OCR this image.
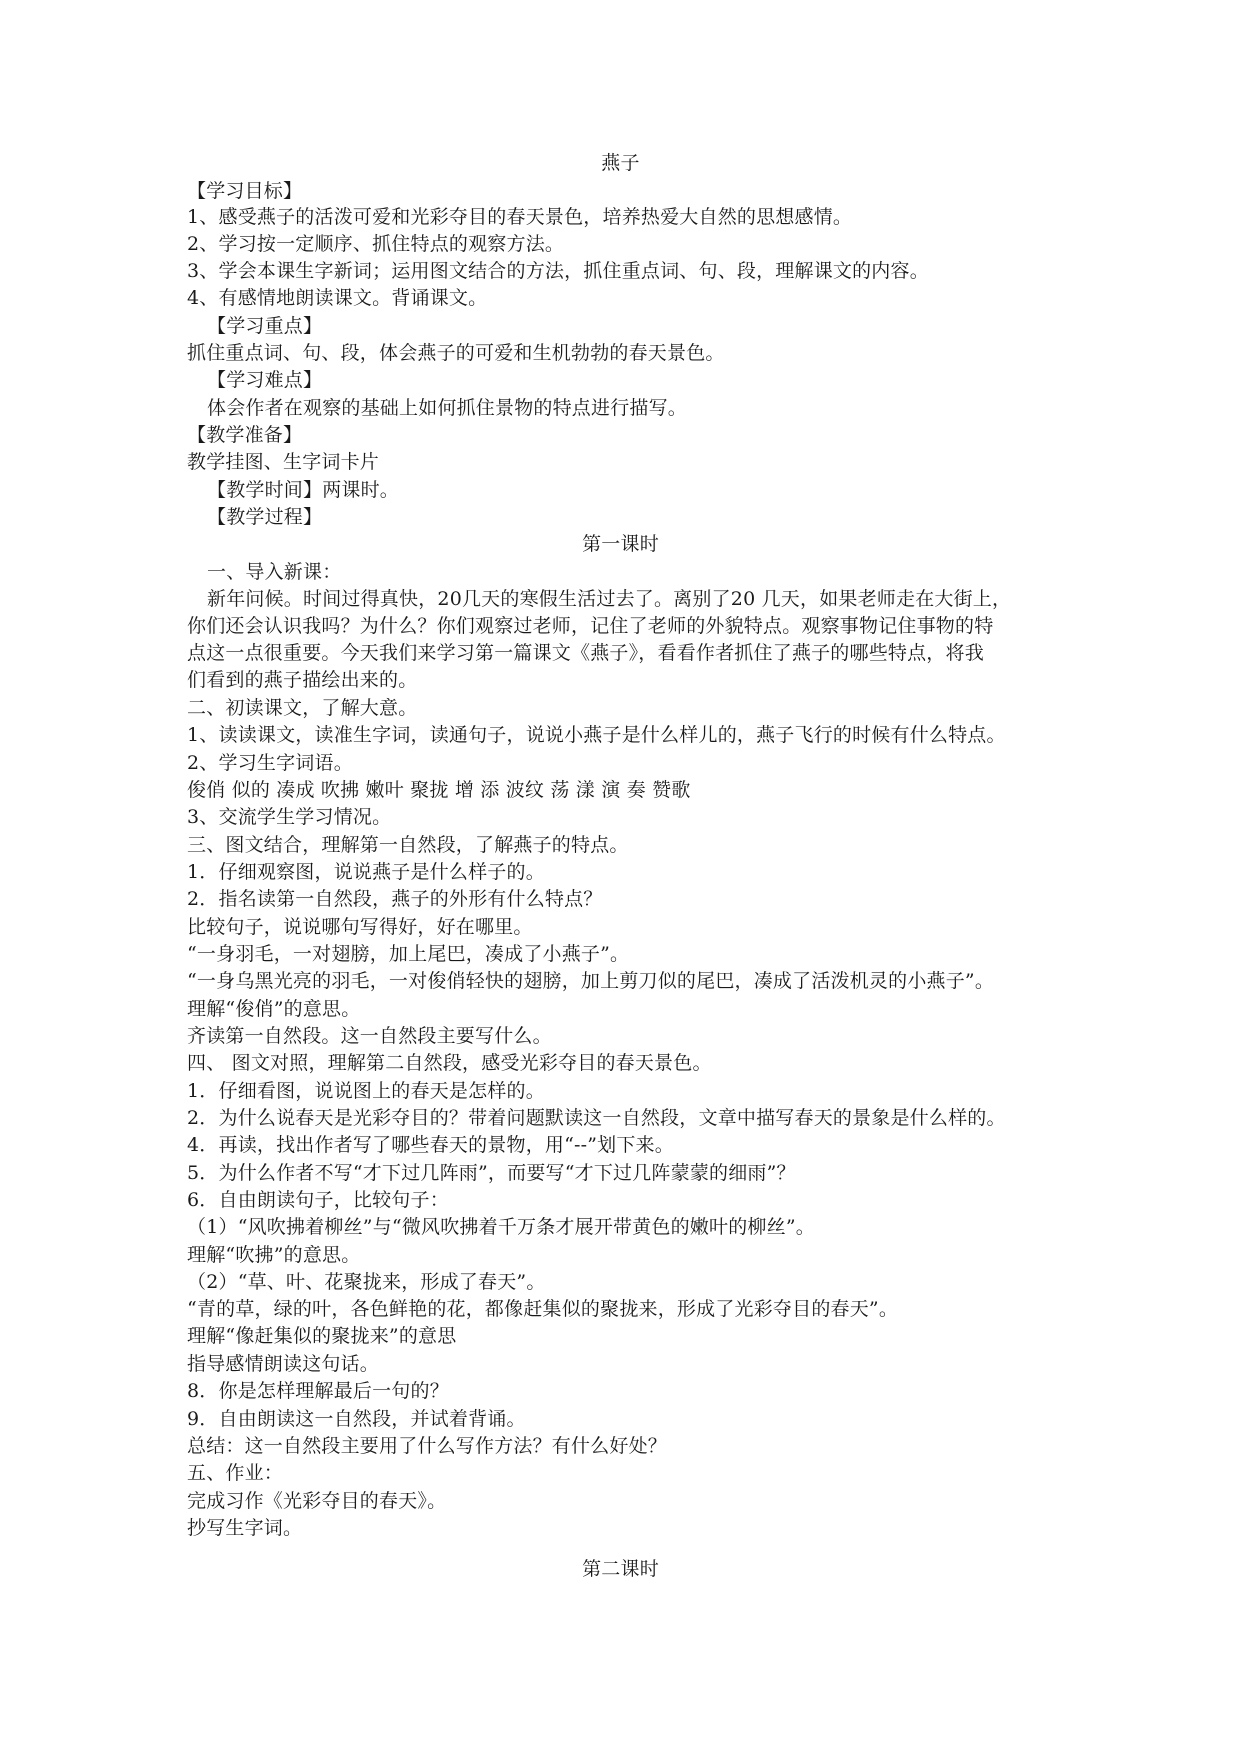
燕子
【学习目标】
1、感受燕子的活泼可爱和光彩夺目的春天景色，培养热爱大自然的思想感情。
2、学习按一定顺序、抓住特点的观察方法。
3、学会本课生字新词；运用图文结合的方法，抓住重点词、句、段，理解课文的内容。
4、有感情地朗读课文。背诵课文。
【学习重点】
抓住重点词、句、段，体会燕子的可爱和生机勃勃的春天景色。
【学习难点】
体会作者在观察的基础上如何抓住景物的特点进行描写。
【教学准备】
教学挂图、生字词卡片
【教学时间】两课时。
【教学过程】
第一课时
一、导入新课：
新年问候。时间过得真快，20几天的寒假生活过去了。离别了20 几天，如果老师走在大街上，
你们还会认识我吗？为什么？你们观察过老师，记住了老师的外貌特点。观察事物记住事物的特
点这一点很重要。今天我们来学习第一篇课文《燕子》，看看作者抓住了燕子的哪些特点，将我
们看到的燕子描绘出来的。
二、初读课文，了解大意。
1、读读课文，读准生字词，读通句子，说说小燕子是什么样儿的，燕子飞行的时候有什么特点。
2、学习生字词语。
俊俏 似的 凑成 吹拂 嫩叶 聚拢 增 添 波纹 荡 漾 演 奏 赞歌
3、交流学生学习情况。
三、图文结合，理解第一自然段，了解燕子的特点。
1．仔细观察图，说说燕子是什么样子的。
2．指名读第一自然段，燕子的外形有什么特点？
比较句子，说说哪句写得好，好在哪里。
“一身羽毛，一对翅膀，加上尾巴，凑成了小燕子”。
“一身乌黑光亮的羽毛，一对俊俏轻快的翅膀，加上剪刀似的尾巴，凑成了活泼机灵的小燕子”。
理解“俊俏”的意思。
齐读第一自然段。这一自然段主要写什么。
四、 图文对照，理解第二自然段，感受光彩夺目的春天景色。
1．仔细看图，说说图上的春天是怎样的。
2．为什么说春天是光彩夺目的？带着问题默读这一自然段，文章中描写春天的景象是什么样的。
4．再读，找出作者写了哪些春天的景物，用“--”划下来。
5．为什么作者不写“才下过几阵雨”，而要写“才下过几阵蒙蒙的细雨”？
6．自由朗读句子，比较句子：
（1）“风吹拂着柳丝”与“微风吹拂着千万条才展开带黄色的嫩叶的柳丝”。
理解“吹拂”的意思。
（2）“草、叶、花聚拢来，形成了春天”。
“青的草，绿的叶，各色鲜艳的花，都像赶集似的聚拢来，形成了光彩夺目的春天”。
理解“像赶集似的聚拢来”的意思
指导感情朗读这句话。
8．你是怎样理解最后一句的？
9．自由朗读这一自然段，并试着背诵。
总结：这一自然段主要用了什么写作方法？有什么好处？
五、作业：
完成习作《光彩夺目的春天》。
抄写生字词。
第二课时
